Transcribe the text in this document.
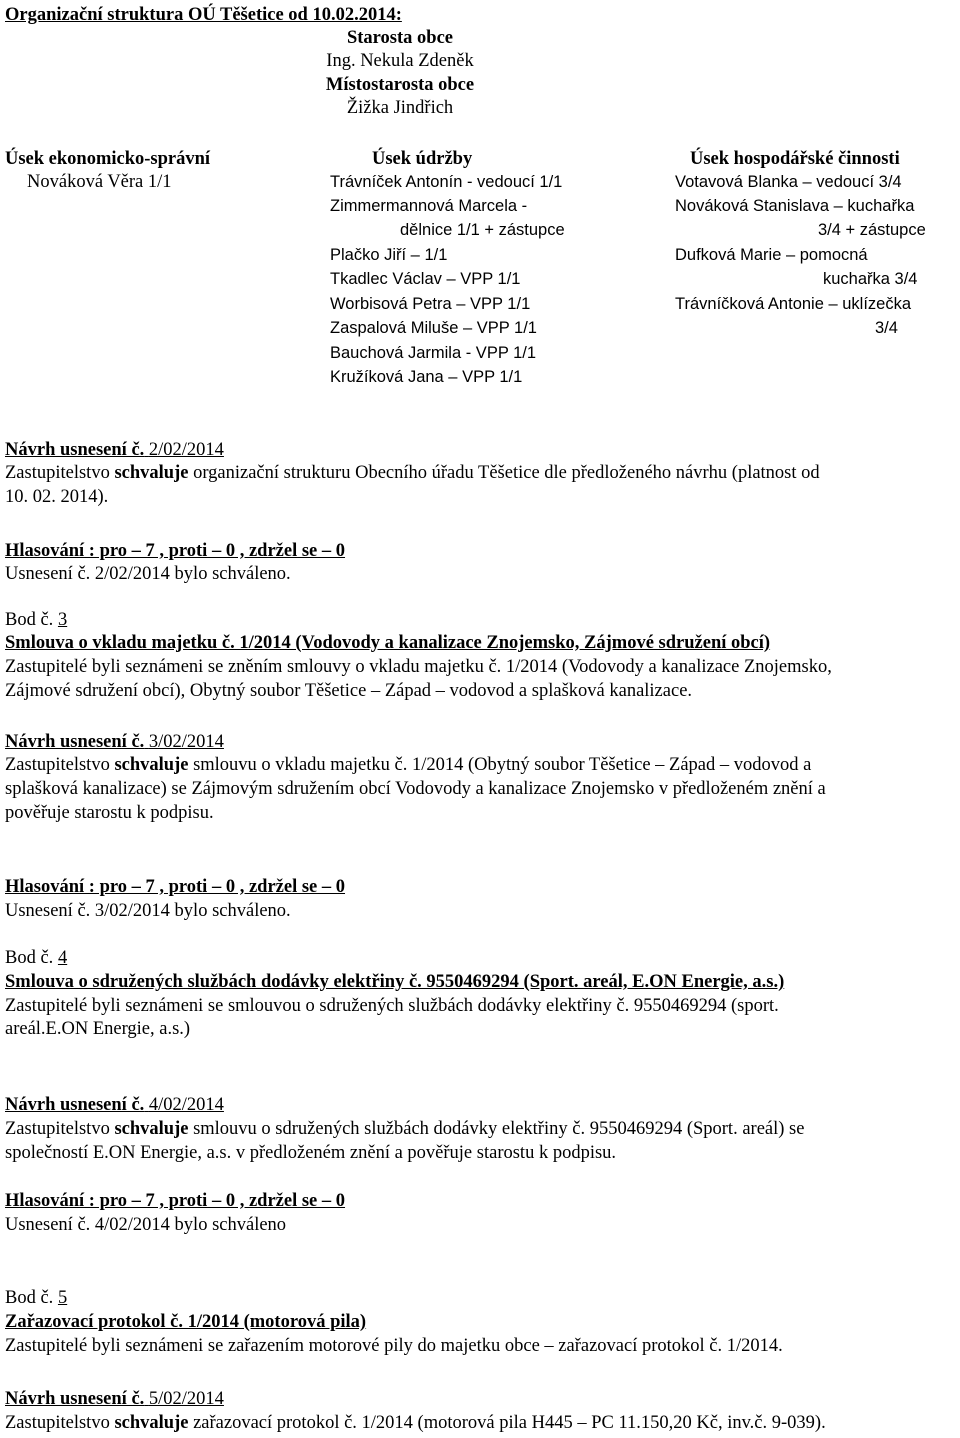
Organizační struktura OÚ Těšetice od 10.02.2014:
Starosta obce
Ing. Nekula Zdeněk
Místostarosta obce
Žižka Jindřich
Úsek ekonomicko-správní
Nováková Věra 1/1
Úsek údržby
Trávníček Antonín - vedoucí 1/1
Zimmermannová Marcela -
dělnice 1/1 + zástupce
Plačko Jiří – 1/1
Tkadlec Václav – VPP 1/1
Worbisová Petra – VPP 1/1
Zaspalová Miluše – VPP 1/1
Bauchová Jarmila - VPP 1/1
Kružíková Jana – VPP 1/1
Úsek hospodářské činnosti
Votavová Blanka – vedoucí 3/4
Nováková Stanislava – kuchařka
3/4 + zástupce
Dufková Marie – pomocná
kuchařka 3/4
Trávníčková Antonie – uklízečka
3/4
Návrh usnesení č. 2/02/2014
Zastupitelstvo schvaluje organizační strukturu Obecního úřadu Těšetice dle předloženého návrhu (platnost od
10. 02. 2014).
Hlasování : pro – 7 , proti – 0 , zdržel se – 0
Usnesení č. 2/02/2014 bylo schváleno.
Bod č. 3
Smlouva o vkladu majetku č. 1/2014 (Vodovody a kanalizace Znojemsko, Zájmové sdružení obcí)
Zastupitelé byli seznámeni se zněním smlouvy o vkladu majetku č. 1/2014 (Vodovody a kanalizace Znojemsko,
Zájmové sdružení obcí), Obytný soubor Těšetice – Západ – vodovod a splašková kanalizace.
Návrh usnesení č. 3/02/2014
Zastupitelstvo schvaluje smlouvu o vkladu majetku č. 1/2014 (Obytný soubor Těšetice – Západ – vodovod a
splašková kanalizace) se Zájmovým sdružením obcí Vodovody a kanalizace Znojemsko v předloženém znění a
pověřuje starostu k podpisu.
Hlasování : pro – 7 , proti – 0 , zdržel se – 0
Usnesení č. 3/02/2014 bylo schváleno.
Bod č. 4
Smlouva o sdružených službách dodávky elektřiny č. 9550469294 (Sport. areál, E.ON Energie, a.s.)
Zastupitelé byli seznámeni se smlouvou o sdružených službách dodávky elektřiny č. 9550469294 (sport.
areál.E.ON Energie, a.s.)
Návrh usnesení č. 4/02/2014
Zastupitelstvo schvaluje smlouvu o sdružených službách dodávky elektřiny č. 9550469294 (Sport. areál) se
společností E.ON Energie, a.s. v předloženém znění a pověřuje starostu k podpisu.
Hlasování : pro – 7 , proti – 0 , zdržel se – 0
Usnesení č. 4/02/2014 bylo schváleno
Bod č. 5
Zařazovací protokol č. 1/2014 (motorová pila)
Zastupitelé byli seznámeni se zařazením motorové pily do majetku obce – zařazovací protokol č. 1/2014.
Návrh usnesení č. 5/02/2014
Zastupitelstvo schvaluje zařazovací protokol č. 1/2014 (motorová pila H445 – PC 11.150,20 Kč, inv.č. 9-039).
